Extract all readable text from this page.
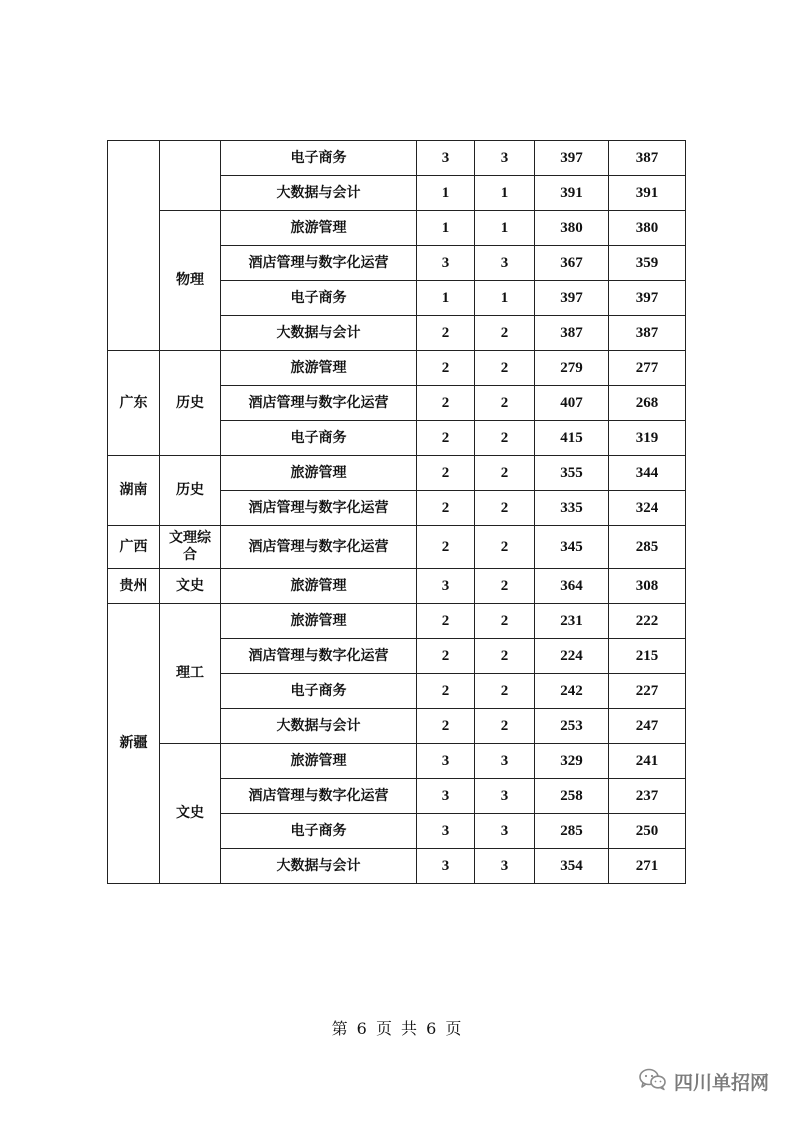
		电子商务	3	3	397	387
		大数据与会计	1	1	391	391
	物理	旅游管理	1	1	380	380
		酒店管理与数字化运营	3	3	367	359
		电子商务	1	1	397	397
		大数据与会计	2	2	387	387
广东	历史	旅游管理	2	2	279	277
		酒店管理与数字化运营	2	2	407	268
		电子商务	2	2	415	319
湖南	历史	旅游管理	2	2	355	344
		酒店管理与数字化运营	2	2	335	324
广西	文理综合	酒店管理与数字化运营	2	2	345	285
贵州	文史	旅游管理	3	2	364	308
新疆	理工	旅游管理	2	2	231	222
		酒店管理与数字化运营	2	2	224	215
		电子商务	2	2	242	227
		大数据与会计	2	2	253	247
	文史	旅游管理	3	3	329	241
		酒店管理与数字化运营	3	3	258	237
		电子商务	3	3	285	250
		大数据与会计	3	3	354	271
第 6 页 共 6 页
四川单招网
